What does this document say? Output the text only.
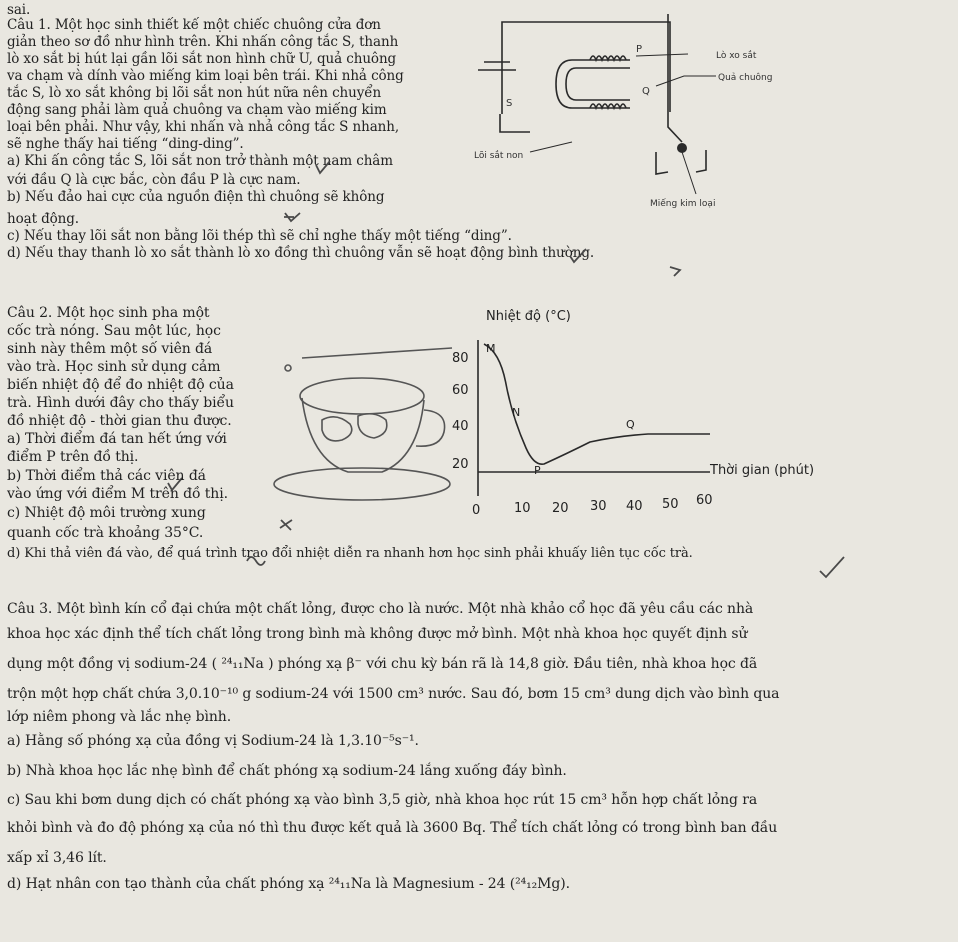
sai.
Câu 1. Một học sinh thiết kế một chiếc chuông cửa đơn
giản theo sơ đồ như hình trên. Khi nhấn công tắc S, thanh
lò xo sắt bị hút lại gần lõi sắt non hình chữ U, quả chuông
va chạm và dính vào miếng kim loại bên trái. Khi nhả công
tắc S, lò xo sắt không bị lõi sắt non hút nữa nên chuyển
động sang phải làm quả chuông va chạm vào miếng kim
loại bên phải. Như vậy, khi nhấn và nhả công tắc S nhanh,
sẽ nghe thấy hai tiếng “ding-ding”.
a) Khi ấn công tắc S, lõi sắt non trở thành một nam châm
với đầu Q là cực bắc, còn đầu P là cực nam.
b) Nếu đảo hai cực của nguồn điện thì chuông sẽ không
hoạt động.
c) Nếu thay lõi sắt non bằng lõi thép thì sẽ chỉ nghe thấy một tiếng “ding”.
d) Nếu thay thanh lò xo sắt thành lò xo đồng thì chuông vẫn sẽ hoạt động bình thường.
P
Q
S
Lò xo sắt
Quả chuông
Lõi sắt non
Miếng kim loại
Câu 2. Một học sinh pha một
cốc trà nóng. Sau một lúc, học
sinh này thêm một số viên đá
vào trà. Học sinh sử dụng cảm
biến nhiệt độ để đo nhiệt độ của
trà. Hình dưới đây cho thấy biểu
đồ nhiệt độ - thời gian thu được.
a) Thời điểm đá tan hết ứng với
điểm P trên đồ thị.
b) Thời điểm thả các viên đá
vào ứng với điểm M trên đồ thị.
c) Nhiệt độ môi trường xung
quanh cốc trà khoảng 35°C.
d) Khi thả viên đá vào, để quá trình trao đổi nhiệt diễn ra nhanh hơn học sinh phải khuấy liên tục cốc trà.
Nhiệt độ (°C)
Thời gian (phút)
80
60
40
20
0	10 20 30 40 50 60
M
N
P
Q
Câu 3. Một bình kín cổ đại chứa một chất lỏng, được cho là nước. Một nhà khảo cổ học đã yêu cầu các nhà
khoa học xác định thể tích chất lỏng trong bình mà không được mở bình. Một nhà khoa học quyết định sử
dụng một đồng vị sodium-24 ( ²⁴₁₁Na ) phóng xạ β⁻ với chu kỳ bán rã là 14,8 giờ. Đầu tiên, nhà khoa học đã
trộn một hợp chất chứa 3,0.10⁻¹⁰ g sodium-24 với 1500 cm³ nước. Sau đó, bơm 15 cm³ dung dịch vào bình qua
lớp niêm phong và lắc nhẹ bình.
a) Hằng số phóng xạ của đồng vị Sodium-24 là 1,3.10⁻⁵s⁻¹.
b) Nhà khoa học lắc nhẹ bình để chất phóng xạ sodium-24 lắng xuống đáy bình.
c) Sau khi bơm dung dịch có chất phóng xạ vào bình 3,5 giờ, nhà khoa học rút 15 cm³ hỗn hợp chất lỏng ra
khỏi bình và đo độ phóng xạ của nó thì thu được kết quả là 3600 Bq. Thể tích chất lỏng có trong bình ban đầu
xấp xỉ 3,46 lít.
d) Hạt nhân con tạo thành của chất phóng xạ ²⁴₁₁Na là Magnesium - 24 (²⁴₁₂Mg).
